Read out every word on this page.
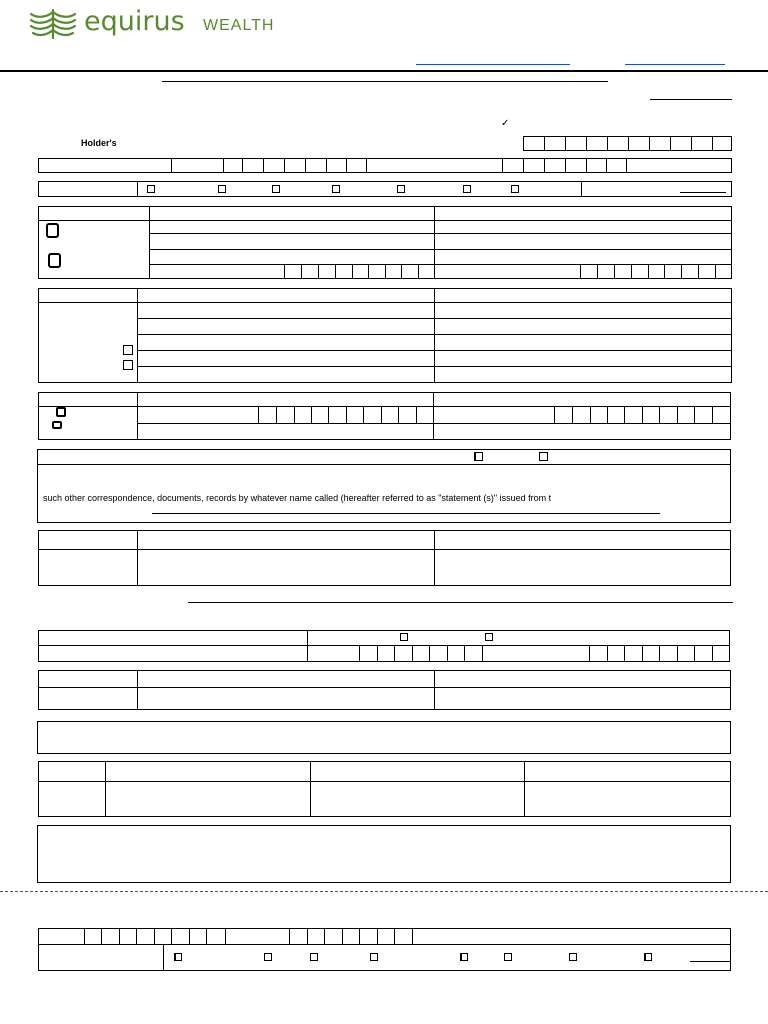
equirus WEALTH
✓
Holder's
such other correspondence, documents, records by whatever name called (hereafter referred to as "statement (s)" issued from t
